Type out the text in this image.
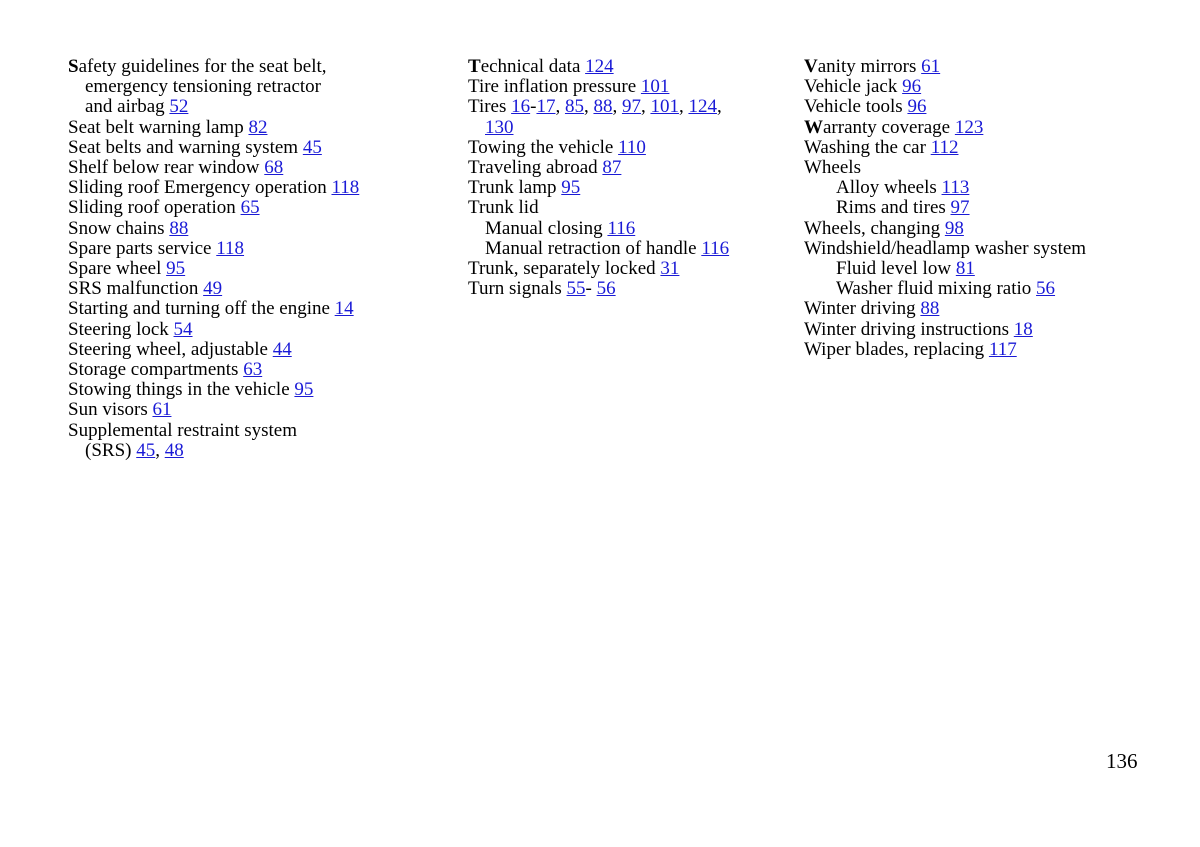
Safety guidelines for the seat belt,
emergency tensioning retractor
and airbag 52
Seat belt warning lamp 82
Seat belts and warning system 45
Shelf below rear window 68
Sliding roof Emergency operation 118
Sliding roof operation 65
Snow chains 88
Spare parts service 118
Spare wheel 95
SRS malfunction 49
Starting and turning off the engine 14
Steering lock 54
Steering wheel, adjustable 44
Storage compartments 63
Stowing things in the vehicle 95
Sun visors 61
Supplemental restraint system
(SRS) 45, 48
Technical data 124
Tire inflation pressure 101
Tires 16-17, 85, 88, 97, 101, 124,
130
Towing the vehicle 110
Traveling abroad 87
Trunk lamp 95
Trunk lid
Manual closing 116
Manual retraction of handle 116
Trunk, separately locked 31
Turn signals 55- 56
Vanity mirrors 61
Vehicle jack 96
Vehicle tools 96
Warranty coverage 123
Washing the car 112
Wheels
Alloy wheels 113
Rims and tires 97
Wheels, changing 98
Windshield/headlamp washer system
Fluid level low 81
Washer fluid mixing ratio 56
Winter driving 88
Winter driving instructions 18
Wiper blades, replacing 117
136
